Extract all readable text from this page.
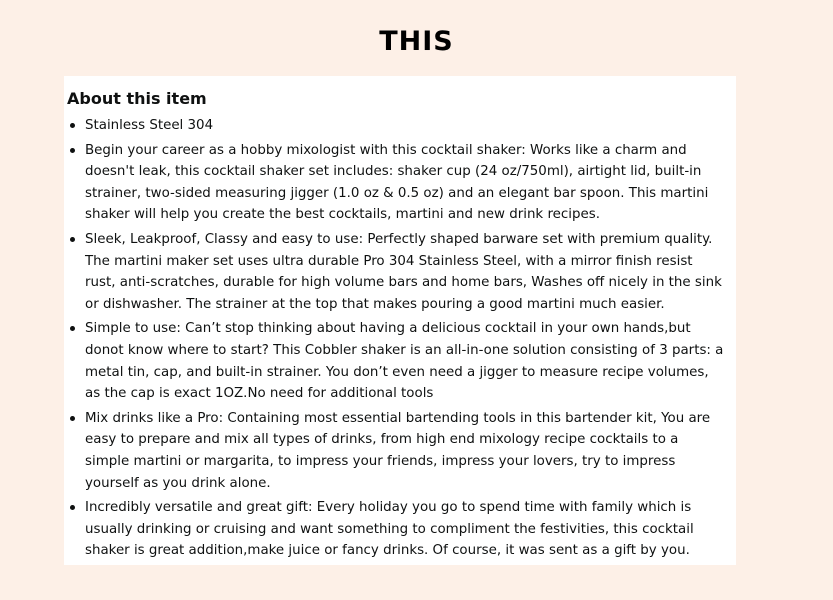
THIS
About this item
Stainless Steel 304
Begin your career as a hobby mixologist with this cocktail shaker: Works like a charm and doesn't leak, this cocktail shaker set includes: shaker cup (24 oz/750ml), airtight lid, built-in strainer, two-sided measuring jigger (1.0 oz & 0.5 oz) and an elegant bar spoon. This martini shaker will help you create the best cocktails, martini and new drink recipes.
Sleek, Leakproof, Classy and easy to use: Perfectly shaped barware set with premium quality. The martini maker set uses ultra durable Pro 304 Stainless Steel, with a mirror finish resist rust, anti-scratches, durable for high volume bars and home bars, Washes off nicely in the sink or dishwasher. The strainer at the top that makes pouring a good martini much easier.
Simple to use: Can’t stop thinking about having a delicious cocktail in your own hands,but donot know where to start? This Cobbler shaker is an all-in-one solution consisting of 3 parts: a metal tin, cap, and built-in strainer. You don’t even need a jigger to measure recipe volumes, as the cap is exact 1OZ.No need for additional tools
Mix drinks like a Pro: Containing most essential bartending tools in this bartender kit, You are easy to prepare and mix all types of drinks, from high end mixology recipe cocktails to a simple martini or margarita, to impress your friends, impress your lovers, try to impress yourself as you drink alone.
Incredibly versatile and great gift: Every holiday you go to spend time with family which is usually drinking or cruising and want something to compliment the festivities, this cocktail shaker is great addition,make juice or fancy drinks. Of course, it was sent as a gift by you.
